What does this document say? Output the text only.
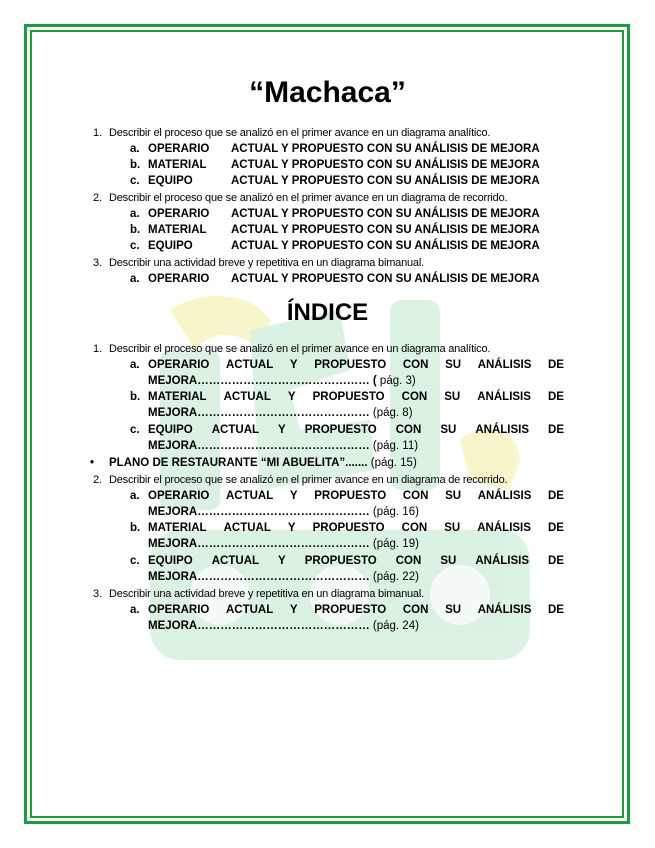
“Machaca”
1. Describir el proceso que se analizó en el primer avance en un diagrama analítico.
a. OPERARIO ACTUAL Y PROPUESTO CON SU ANÁLISIS DE MEJORA
b. MATERIAL ACTUAL Y PROPUESTO CON SU ANÁLISIS DE MEJORA
c. EQUIPO	ACTUAL Y PROPUESTO CON SU ANÁLISIS DE MEJORA
2. Describir el proceso que se analizó en el primer avance en un diagrama de recorrido.
a. OPERARIO ACTUAL Y PROPUESTO CON SU ANÁLISIS DE MEJORA
b. MATERIAL ACTUAL Y PROPUESTO CON SU ANÁLISIS DE MEJORA
c. EQUIPO	ACTUAL Y PROPUESTO CON SU ANÁLISIS DE MEJORA
3. Describir una actividad breve y repetitiva en un diagrama bimanual.
a. OPERARIO ACTUAL Y PROPUESTO CON SU ANÁLISIS DE MEJORA
ÍNDICE
1. Describir el proceso que se analizó en el primer avance en un diagrama analítico.
a. OPERARIO ACTUAL Y PROPUESTO CON SU ANÁLISIS DE
MEJORA……………………………………… ( pág. 3)
b. MATERIAL ACTUAL Y PROPUESTO CON SU ANÁLISIS DE
MEJORA……………………………………… (pág. 8)
c. EQUIPO ACTUAL Y PROPUESTO CON SU ANÁLISIS DE
MEJORA……………………………………… (pág. 11)
• PLANO DE RESTAURANTE “MI ABUELITA”....... (pág. 15)
2. Describir el proceso que se analizó en el primer avance en un diagrama de recorrido.
a. OPERARIO ACTUAL Y PROPUESTO CON SU ANÁLISIS DE
MEJORA……………………………………… (pág. 16)
b. MATERIAL ACTUAL Y PROPUESTO CON SU ANÁLISIS DE
MEJORA……………………………………… (pág. 19)
c. EQUIPO ACTUAL Y PROPUESTO CON SU ANÁLISIS DE
MEJORA……………………………………… (pág. 22)
3. Describir una actividad breve y repetitiva en un diagrama bimanual.
a. OPERARIO ACTUAL Y PROPUESTO CON SU ANÁLISIS DE
MEJORA……………………………………… (pág. 24)
